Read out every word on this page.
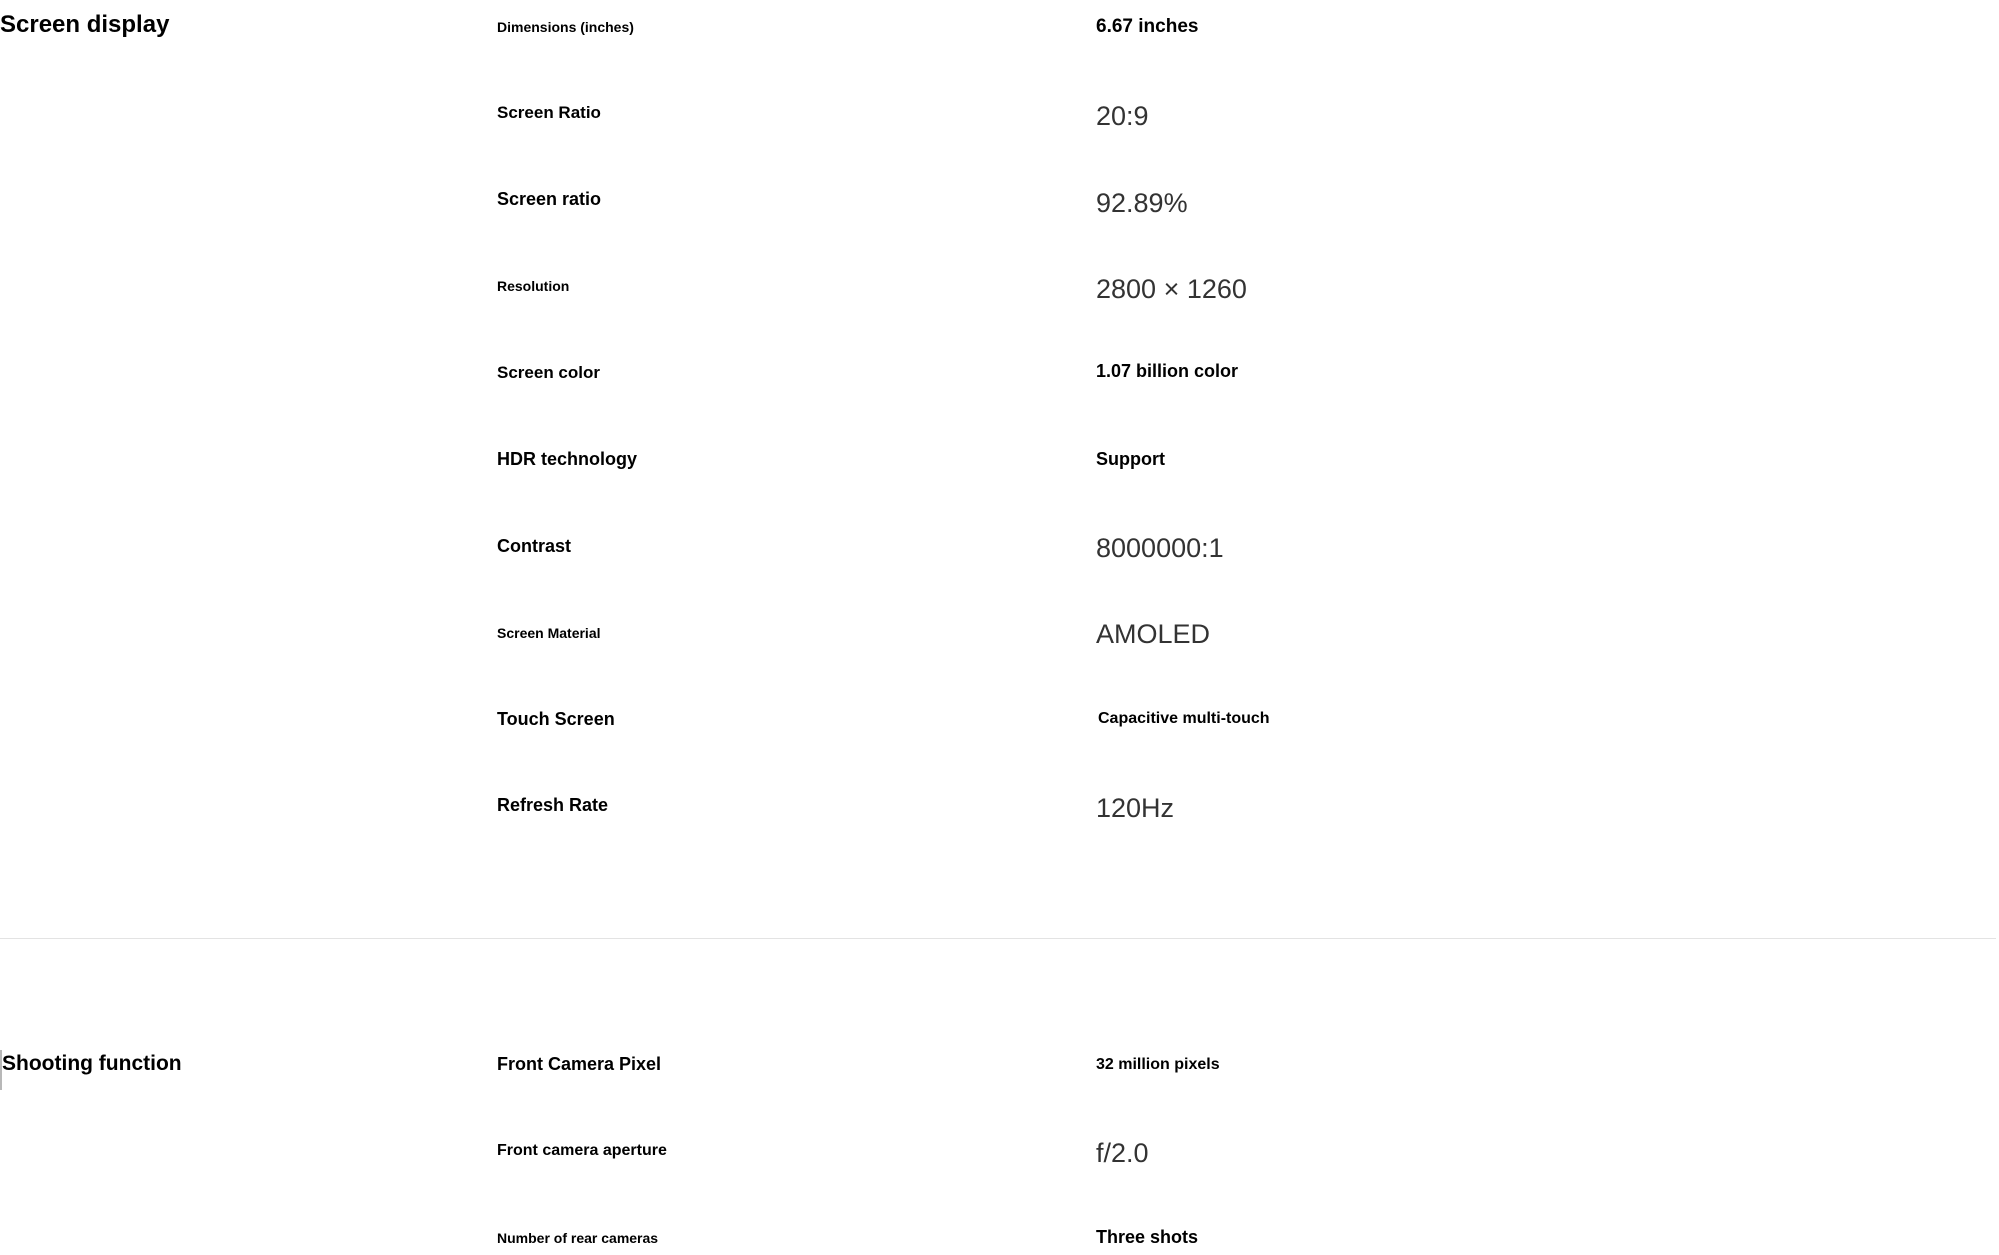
Screen display	Dimensions (inches)	6.67 inches
Screen Ratio	20:9
Screen ratio	92.89%
Resolution	2800 × 1260
Screen color	1.07 billion color
HDR technology	Support
Contrast	8000000:1
Screen Material	AMOLED
Touch Screen	Capacitive multi-touch
Refresh Rate	120Hz
Shooting function	Front Camera Pixel	32 million pixels
Front camera aperture	f/2.0
Number of rear cameras	Three shots
